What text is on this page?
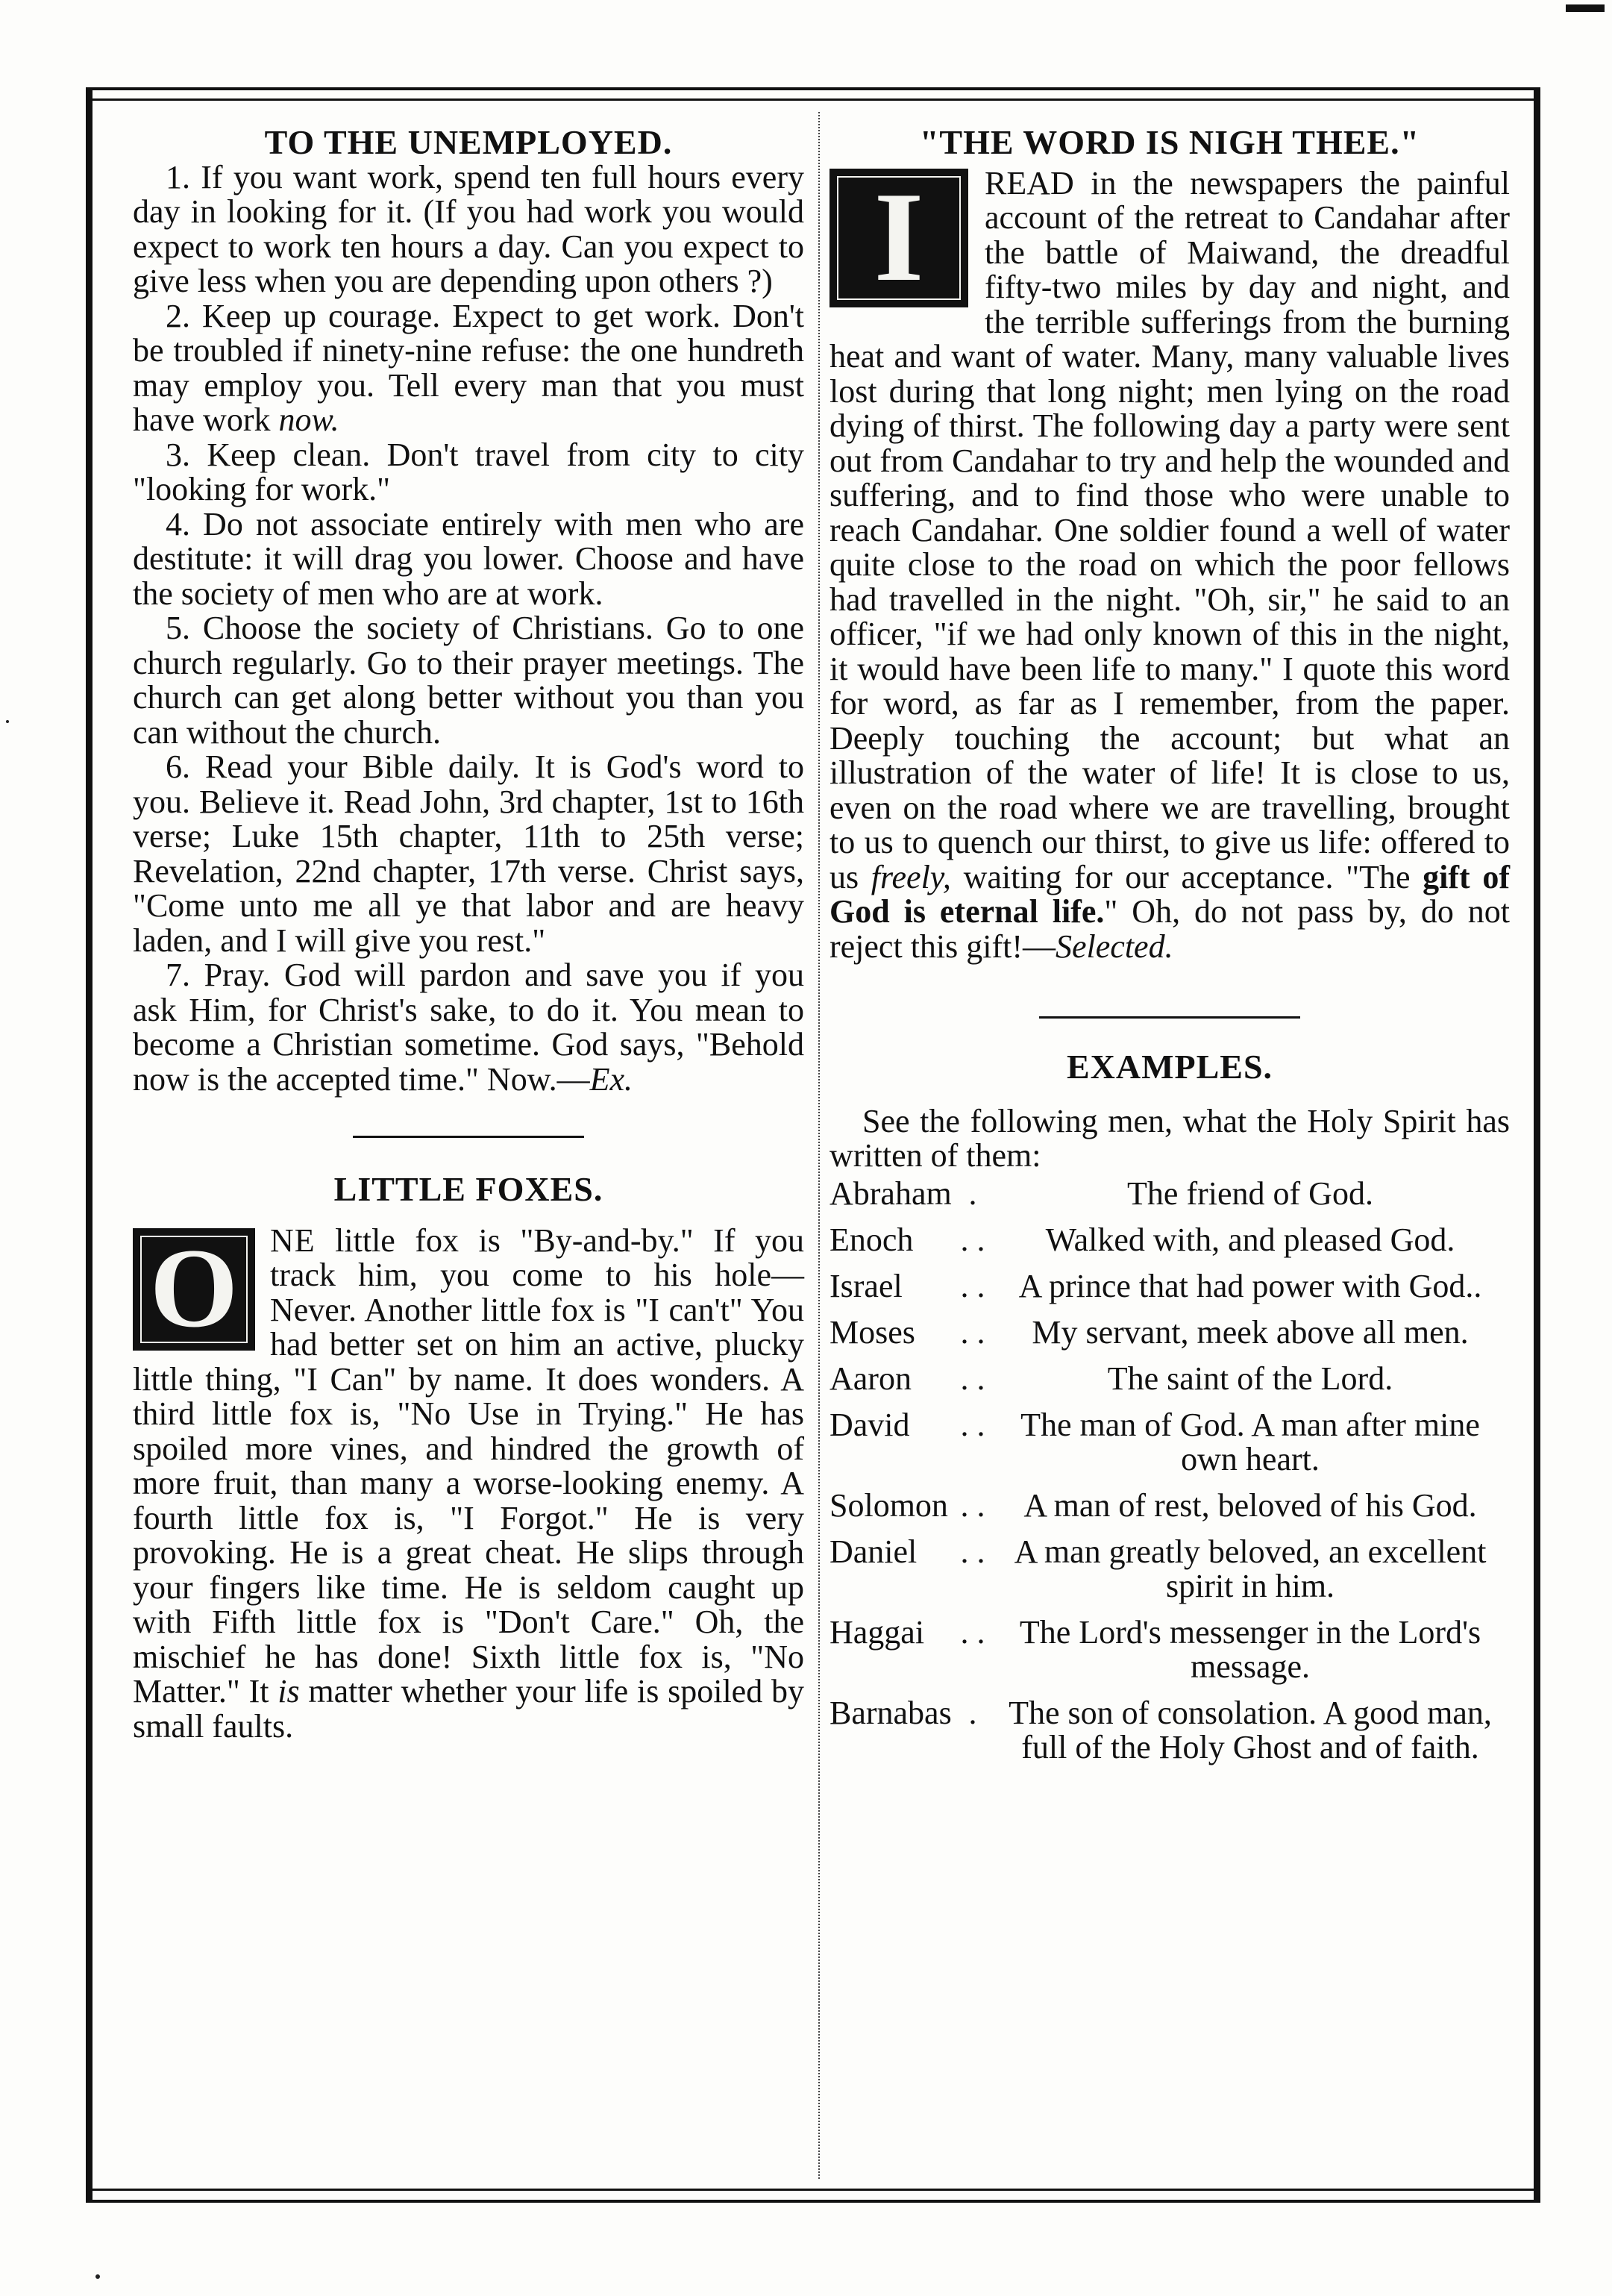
TO THE UNEMPLOYED.

1. If you want work, spend ten full hours every day in looking for it. (If you had work you would expect to work ten hours a day. Can you expect to give less when you are depending upon others ?)

2. Keep up courage. Expect to get work. Don't be troubled if ninety-nine refuse: the one hundreth may employ you. Tell every man that you must have work now.

3. Keep clean. Don't travel from city to city "looking for work."

4. Do not associate entirely with men who are destitute: it will drag you lower. Choose and have the society of men who are at work.

5. Choose the society of Christians. Go to one church regularly. Go to their prayer meetings. The church can get along better without you than you can without the church.

6. Read your Bible daily. It is God's word to you. Believe it. Read John, 3rd chapter, 1st to 16th verse; Luke 15th chapter, 11th to 25th verse; Revelation, 22nd chapter, 17th verse. Christ says, "Come unto me all ye that labor and are heavy laden, and I will give you rest."

7. Pray. God will pardon and save you if you ask Him, for Christ's sake, to do it. You mean to become a Christian sometime. God says, "Behold now is the accepted time." Now.—Ex.

LITTLE FOXES.

O NE little fox is "By-and-by." If you track him, you come to his hole—Never. Another little fox is "I can't" You had better set on him an active, plucky little thing, "I Can" by name. It does wonders. A third little fox is, "No Use in Trying." He has spoiled more vines, and hindred the growth of more fruit, than many a worse-looking enemy. A fourth little fox is, "I Forgot." He is very provoking. He is a great cheat. He slips through your fingers like time. He is seldom caught up with Fifth little fox is "Don't Care." Oh, the mischief he has done! Sixth little fox is, "No Matter." It is matter whether your life is spoiled by small faults.

"THE WORD IS NIGH THEE."

I	READ in the newspapers the painful account of the retreat to Candahar after the battle of Maiwand, the dreadful fifty-two miles by day and night, and the terrible sufferings from the burning heat and want of water. Many, many valuable lives lost during that long night; men lying on the road dying of thirst. The following day a party were sent out from Candahar to try and help the wounded and suffering, and to find those who were unable to reach Candahar. One soldier found a well of water quite close to the road on which the poor fellows had travelled in the night. "Oh, sir," he said to an officer, "if we had only known of this in the night, it would have been life to many." I quote this word for word, as far as I remember, from the paper. Deeply touching the account; but what an illustration of the water of life! It is close to us, even on the road where we are travelling, brought to us to quench our thirst, to give us life: offered to us freely, waiting for our acceptance. "The gift of God is eternal life." Oh, do not pass by, do not reject this gift!—Selected.

EXAMPLES.

See the following men, what the Holy Spirit has written of them:

Abraham	.	The friend of God.
Enoch	. .	Walked with, and pleased God.
Israel	. .	A prince that had power with God..
Moses	. .	My servant, meek above all men.
Aaron	. .	The saint of the Lord.
David	. .	The man of God. A man after mine own heart.
Solomon	. .	A man of rest, beloved of his God.
Daniel	. .	A man greatly beloved, an excellent spirit in him.
Haggai	. .	The Lord's messenger in the Lord's message.
Barnabas	.	The son of consolation. A good man, full of the Holy Ghost and of faith.
